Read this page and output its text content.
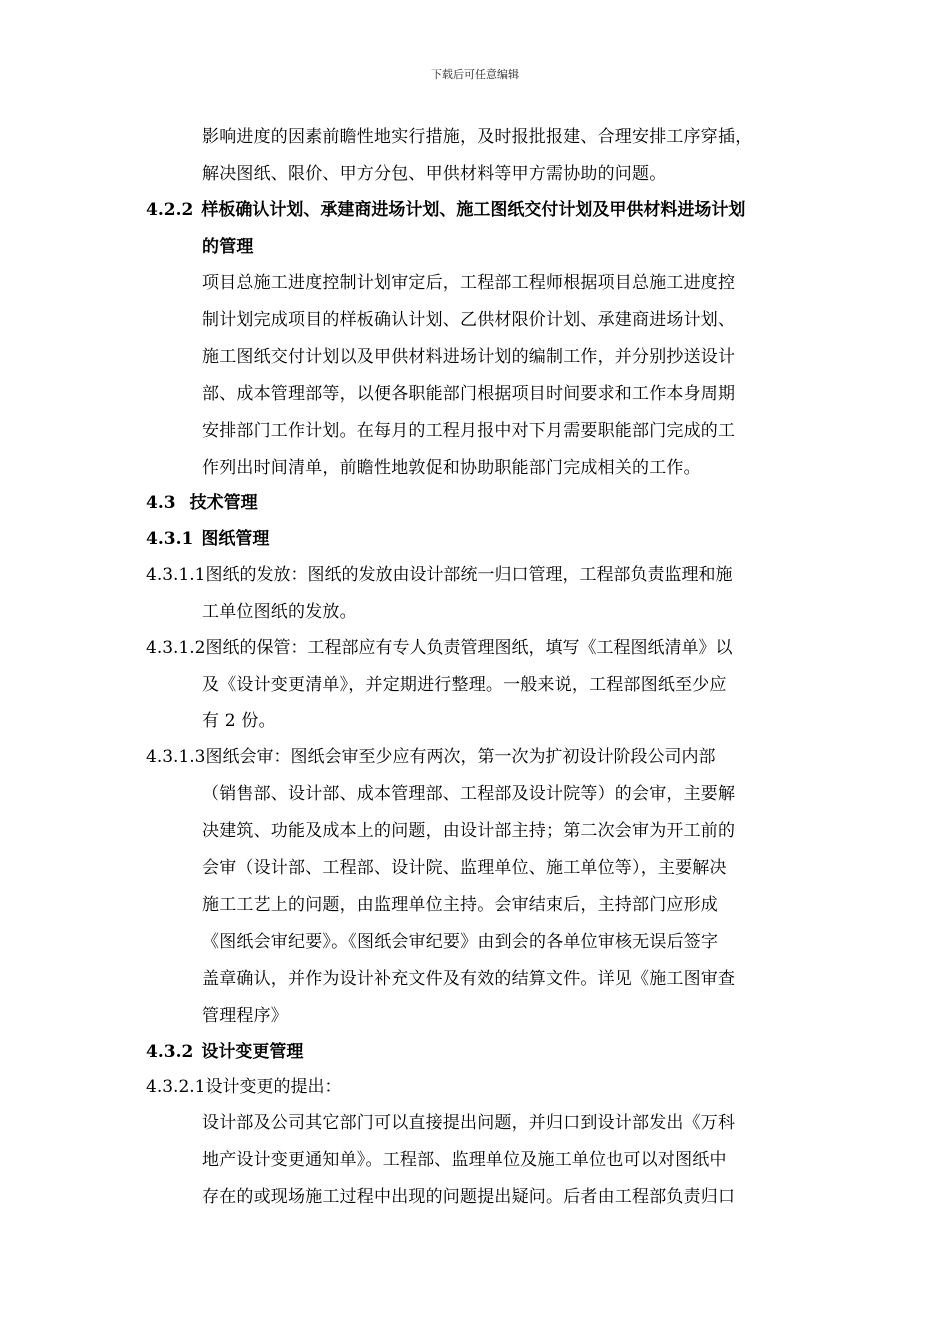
下载后可任意编辑
影响进度的因素前瞻性地实行措施，及时报批报建、合理安排工序穿插，
解决图纸、限价、甲方分包、甲供材料等甲方需协助的问题。
4.2.2 样板确认计划、承建商进场计划、施工图纸交付计划及甲供材料进场计划
的管理
项目总施工进度控制计划审定后，工程部工程师根据项目总施工进度控
制计划完成项目的样板确认计划、乙供材限价计划、承建商进场计划、
施工图纸交付计划以及甲供材料进场计划的编制工作，并分别抄送设计
部、成本管理部等，以便各职能部门根据项目时间要求和工作本身周期
安排部门工作计划。在每月的工程月报中对下月需要职能部门完成的工
作列出时间清单，前瞻性地敦促和协助职能部门完成相关的工作。
4.3 技术管理
4.3.1 图纸管理
4.3.1.1图纸的发放：图纸的发放由设计部统一归口管理，工程部负责监理和施
工单位图纸的发放。
4.3.1.2图纸的保管：工程部应有专人负责管理图纸，填写《工程图纸清单》以
及《设计变更清单》，并定期进行整理。一般来说，工程部图纸至少应
有 2 份。
4.3.1.3图纸会审：图纸会审至少应有两次，第一次为扩初设计阶段公司内部
（销售部、设计部、成本管理部、工程部及设计院等）的会审，主要解
决建筑、功能及成本上的问题，由设计部主持；第二次会审为开工前的
会审（设计部、工程部、设计院、监理单位、施工单位等），主要解决
施工工艺上的问题，由监理单位主持。会审结束后，主持部门应形成
《图纸会审纪要》。《图纸会审纪要》由到会的各单位审核无误后签字
盖章确认，并作为设计补充文件及有效的结算文件。详见《施工图审查
管理程序》
4.3.2 设计变更管理
4.3.2.1设计变更的提出：
设计部及公司其它部门可以直接提出问题，并归口到设计部发出《万科
地产设计变更通知单》。工程部、监理单位及施工单位也可以对图纸中
存在的或现场施工过程中出现的问题提出疑问。后者由工程部负责归口
